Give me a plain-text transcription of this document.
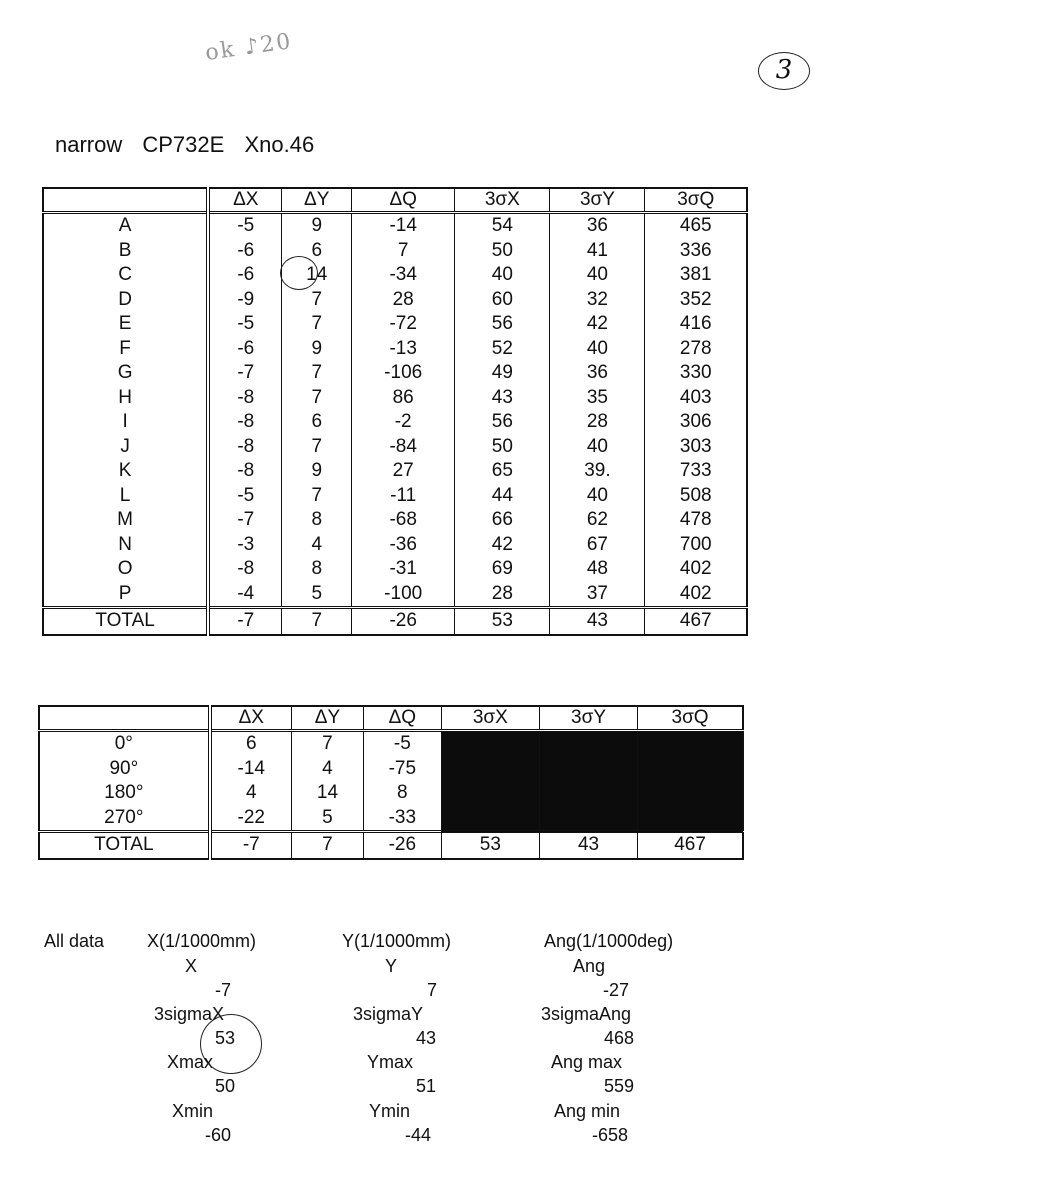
ok ♪20
3
narrow CP732E Xno.46
	ΔX	ΔY	ΔQ	3σX	3σY	3σQ
A	-5	9	-14	54	36	465
B	-6	6	7	50	41	336
C	-6	14	-34	40	40	381
D	-9	7	28	60	32	352
E	-5	7	-72	56	42	416
F	-6	9	-13	52	40	278
G	-7	7	-106	49	36	330
H	-8	7	86	43	35	403
I	-8	6	-2	56	28	306
J	-8	7	-84	50	40	303
K	-8	9	27	65	39.	733
L	-5	7	-11	44	40	508
M	-7	8	-68	66	62	478
N	-3	4	-36	42	67	700
O	-8	8	-31	69	48	402
P	-4	5	-100	28	37	402
TOTAL	-7	7	-26	53	43	467
	ΔX	ΔY	ΔQ	3σX	3σY	3σQ
0°	6	7	-5			
90°	-14	4	-75			
180°	4	14	8			
270°	-22	5	-33			
TOTAL	-7	7	-26	53	43	467
All data X(1/1000mm)
X
-7
3sigmaX
53
Xmax
50
Xmin
-60
Y(1/1000mm)
Y
7
3sigmaY
43
Ymax
51
Ymin
-44
Ang(1/1000deg)
Ang
-27
3sigmaAng
468
Ang max
559
Ang min
-658
